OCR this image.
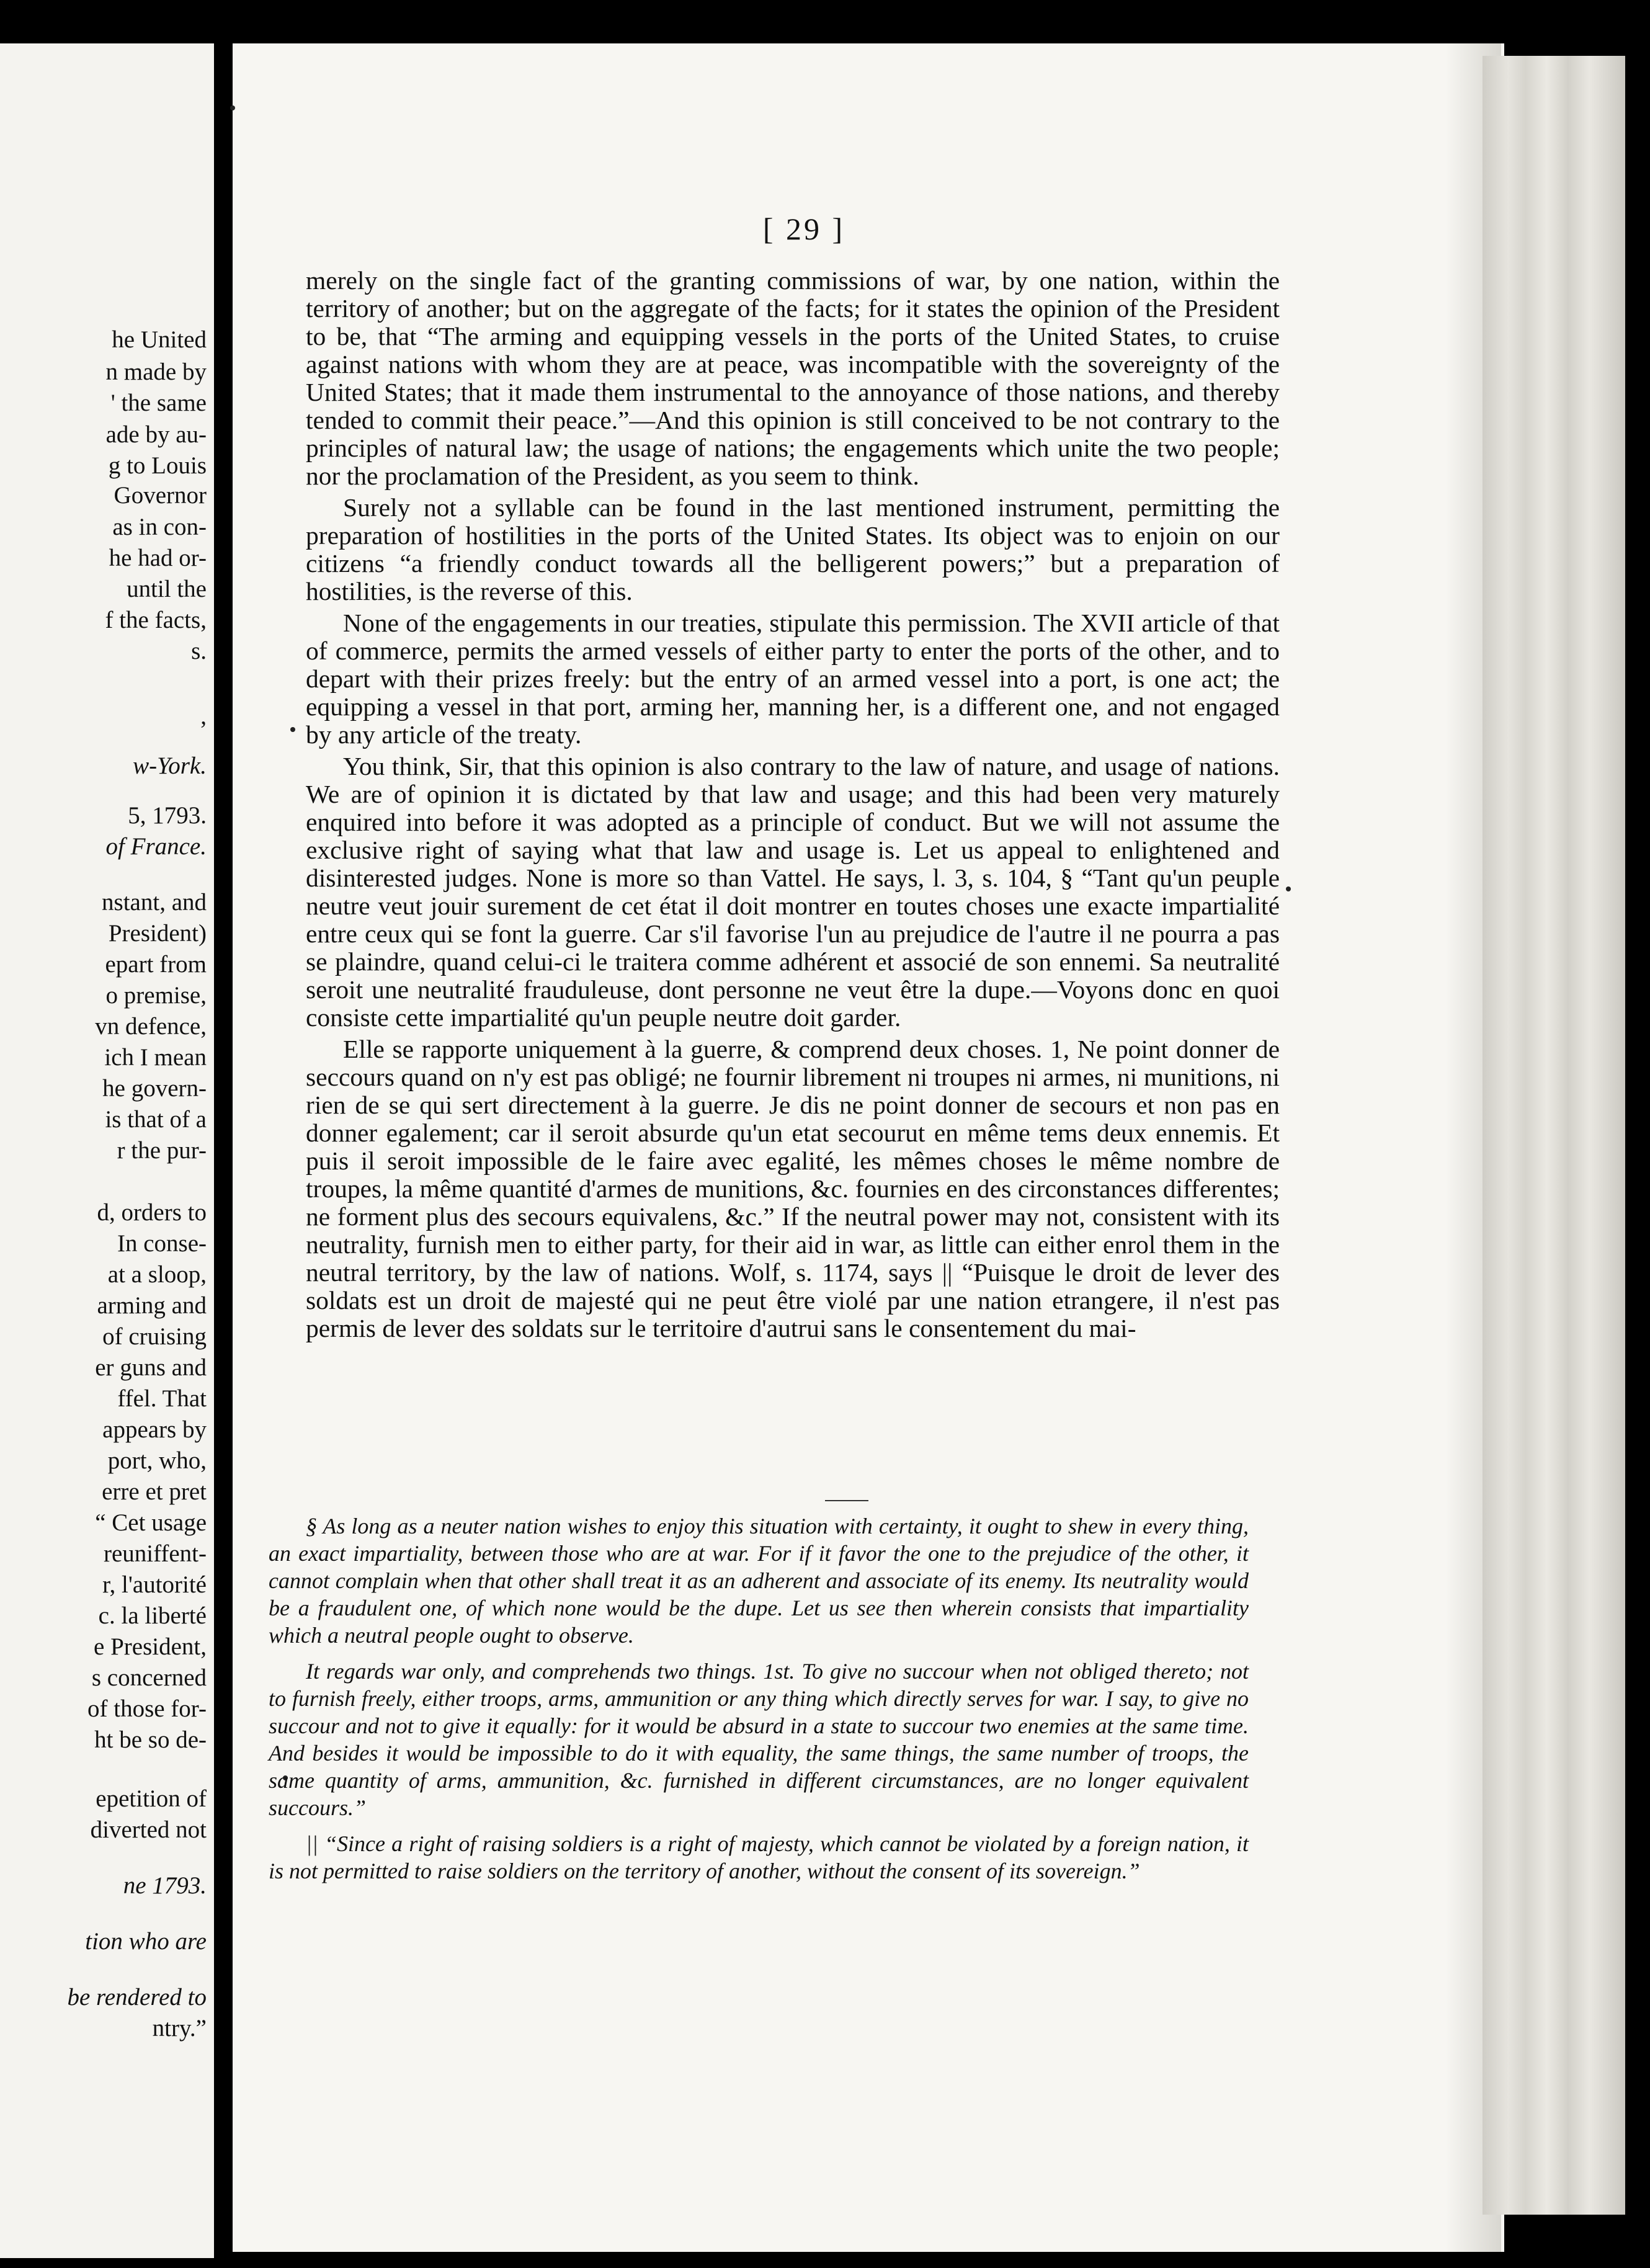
he United
n made by
' the same
ade by au-
g to Louis
Governor
as in con-
he had or-
until the
f the facts,
s.
,
w-York.
5, 1793.
of France.
nstant, and
President)
epart from
o premise,
vn defence,
ich I mean
he govern-
is that of a
r the pur-
d, orders to
In conse-
at a sloop,
arming and
of cruising
er guns and
ffel. That
appears by
port, who,
erre et pret
“ Cet usage
reuniffent-
r, l'autorité
c. la liberté
e President,
s concerned
of those for-
ht be so de-
epetition of
diverted not
ne 1793.
tion who are
be rendered to
ntry.”
[ 29 ]

merely on the single fact of the granting commissions of war, by one nation, within the territory of another; but on the aggregate of the facts; for it states the opinion of the President to be, that “The arming and equipping vessels in the ports of the United States, to cruise against nations with whom they are at peace, was incompatible with the sovereignty of the United States; that it made them instrumental to the annoyance of those nations, and thereby tended to commit their peace.”—And this opinion is still conceived to be not contrary to the principles of natural law; the usage of nations; the engagements which unite the two people; nor the proclamation of the President, as you seem to think.

Surely not a syllable can be found in the last mentioned instrument, permitting the preparation of hostilities in the ports of the United States. Its object was to enjoin on our citizens “a friendly conduct towards all the belligerent powers;” but a preparation of hostilities, is the reverse of this.

None of the engagements in our treaties, stipulate this permission. The XVII article of that of commerce, permits the armed vessels of either party to enter the ports of the other, and to depart with their prizes freely: but the entry of an armed vessel into a port, is one act; the equipping a vessel in that port, arming her, manning her, is a different one, and not engaged by any article of the treaty.

You think, Sir, that this opinion is also contrary to the law of nature, and usage of nations. We are of opinion it is dictated by that law and usage; and this had been very maturely enquired into before it was adopted as a principle of conduct. But we will not assume the exclusive right of saying what that law and usage is. Let us appeal to enlightened and disinterested judges. None is more so than Vattel. He says, l. 3, s. 104, § “Tant qu'un peuple neutre veut jouir surement de cet état il doit montrer en toutes choses une exacte impartialité entre ceux qui se font la guerre. Car s'il favorise l'un au prejudice de l'autre il ne pourra a pas se plaindre, quand celui-ci le traitera comme adhérent et associé de son ennemi. Sa neutralité seroit une neutralité frauduleuse, dont personne ne veut être la dupe.—Voyons donc en quoi consiste cette impartialité qu'un peuple neutre doit garder.

Elle se rapporte uniquement à la guerre, & comprend deux choses. 1, Ne point donner de seccours quand on n'y est pas obligé; ne fournir librement ni troupes ni armes, ni munitions, ni rien de se qui sert directement à la guerre. Je dis ne point donner de secours et non pas en donner egalement; car il seroit absurde qu'un etat secourut en même tems deux ennemis. Et puis il seroit impossible de le faire avec egalité, les mêmes choses le même nombre de troupes, la même quantité d'armes de munitions, &c. fournies en des circonstances differentes; ne forment plus des secours equivalens, &c.” If the neutral power may not, consistent with its neutrality, furnish men to either party, for their aid in war, as little can either enrol them in the neutral territory, by the law of nations. Wolf, s. 1174, says || “Puisque le droit de lever des soldats est un droit de majesté qui ne peut être violé par une nation etrangere, il n'est pas permis de lever des soldats sur le territoire d'autrui sans le consentement du mai-

§ As long as a neuter nation wishes to enjoy this situation with certainty, it ought to shew in every thing, an exact impartiality, between those who are at war. For if it favor the one to the prejudice of the other, it cannot complain when that other shall treat it as an adherent and associate of its enemy. Its neutrality would be a fraudulent one, of which none would be the dupe. Let us see then wherein consists that impartiality which a neutral people ought to observe.

It regards war only, and comprehends two things. 1st. To give no succour when not obliged thereto; not to furnish freely, either troops, arms, ammunition or any thing which directly serves for war. I say, to give no succour and not to give it equally: for it would be absurd in a state to succour two enemies at the same time. And besides it would be impossible to do it with equality, the same things, the same number of troops, the same quantity of arms, ammunition, &c. furnished in different circumstances, are no longer equivalent succours.”

|| “Since a right of raising soldiers is a right of majesty, which cannot be violated by a foreign nation, it is not permitted to raise soldiers on the territory of another, without the consent of its sovereign.”
